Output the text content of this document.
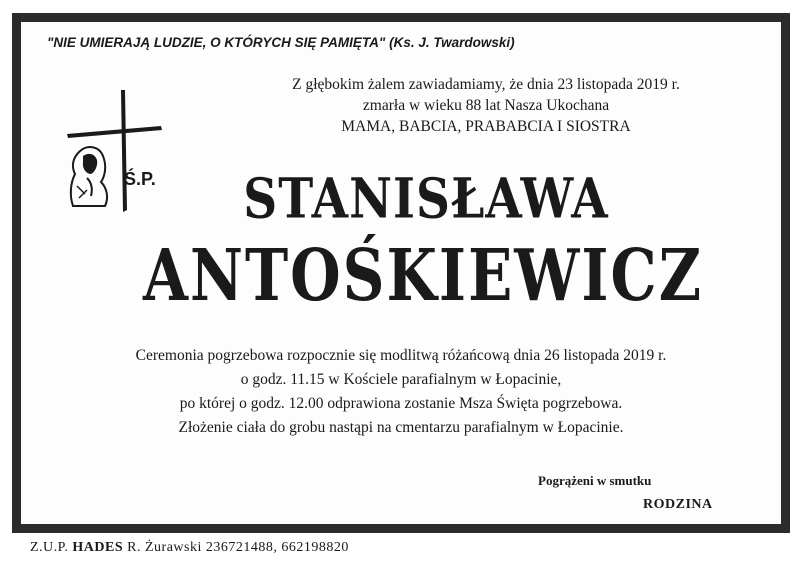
"NIE UMIERAJĄ LUDZIE, O KTÓRYCH SIĘ PAMIĘTA" (Ks. J. Twardowski)
Z głębokim żalem zawiadamiamy, że dnia 23 listopada 2019 r.
zmarła w wieku 88 lat Nasza Ukochana
MAMA, BABCIA, PRABABCIA I SIOSTRA
Ś.P.	STANISŁAWA
ANTOŚKIEWICZ
Ceremonia pogrzebowa rozpocznie się modlitwą różańcową dnia 26 listopada 2019 r.
o godz. 11.15 w Kościele parafialnym w Łopacinie,
po której o godz. 12.00 odprawiona zostanie Msza Święta pogrzebowa.
Złożenie ciała do grobu nastąpi na cmentarzu parafialnym w Łopacinie.
Pogrążeni w smutku
RODZINA
Z.U.P. HADES R. Żurawski 236721488, 662198820
